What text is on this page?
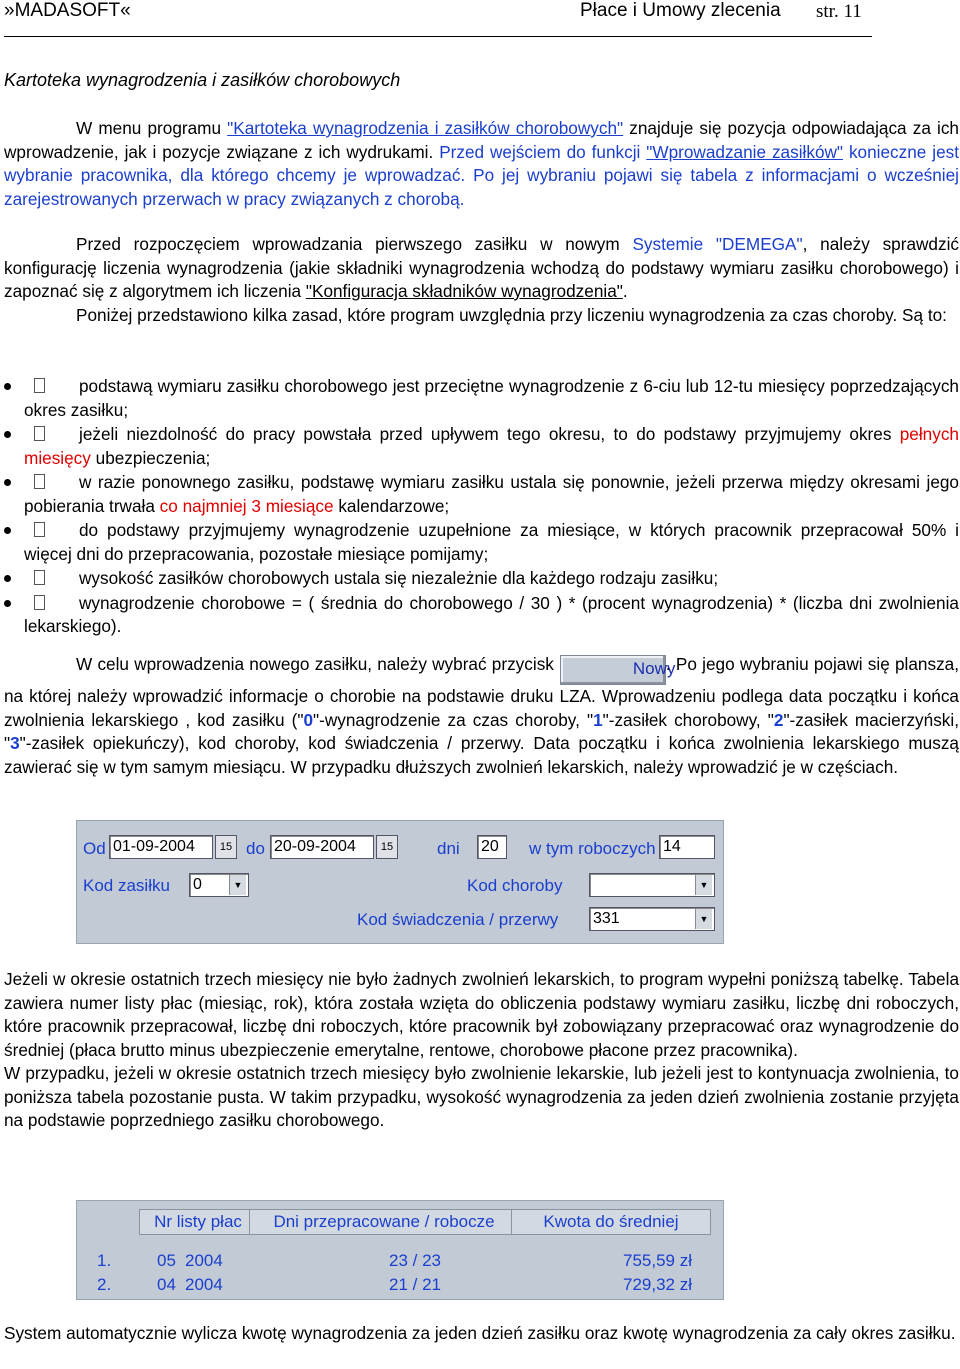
»MADASOFT«	Płace i Umowy zlecenia str. 11
Kartoteka wynagrodzenia i zasiłków chorobowych

W menu programu "Kartoteka wynagrodzenia i zasiłków chorobowych" znajduje się pozycja odpowiadająca za ich wprowadzenie, jak i pozycje związane z ich wydrukami. Przed wejściem do funkcji "Wprowadzanie zasiłków" konieczne jest wybranie pracownika, dla którego chcemy je wprowadzać. Po jej wybraniu pojawi się tabela z informacjami o wcześniej zarejestrowanych przerwach w pracy związanych z chorobą.

Przed rozpoczęciem wprowadzania pierwszego zasiłku w nowym Systemie "DEMEGA", należy sprawdzić konfigurację liczenia wynagrodzenia (jakie składniki wynagrodzenia wchodzą do podstawy wymiaru zasiłku chorobowego) i zapoznać się z algorytmem ich liczenia "Konfiguracja składników wynagrodzenia".

Poniżej przedstawiono kilka zasad, które program uwzględnia przy liczeniu wynagrodzenia za czas choroby. Są to:

podstawą wymiaru zasiłku chorobowego jest przeciętne wynagrodzenie z 6-ciu lub 12-tu miesięcy poprzedzających okres zasiłku;
jeżeli niezdolność do pracy powstała przed upływem tego okresu, to do podstawy przyjmujemy okres pełnych miesięcy ubezpieczenia;
w razie ponownego zasiłku, podstawę wymiaru zasiłku ustala się ponownie, jeżeli przerwa między okresami jego pobierania trwała co najmniej 3 miesiące kalendarzowe;
do podstawy przyjmujemy wynagrodzenie uzupełnione za miesiące, w których pracownik przepracował 50% i więcej dni do przepracowania, pozostałe miesiące pomijamy;
wysokość zasiłków chorobowych ustala się niezależnie dla każdego rodzaju zasiłku;
wynagrodzenie chorobowe = ( średnia do chorobowego / 30 ) * (procent wynagrodzenia) * (liczba dni zwolnienia lekarskiego).

W celu wprowadzenia nowego zasiłku, należy wybrać przycisk	Nowy. Po jego wybraniu pojawi się plansza, na której należy wprowadzić informacje o chorobie na podstawie druku LZA. Wprowadzeniu podlega data początku i końca zwolnienia lekarskiego , kod zasiłku ("0"-wynagrodzenie za czas choroby, "1"-zasiłek chorobowy, "2"-zasiłek macierzyński, "3"-zasiłek opiekuńczy), kod choroby, kod świadczenia / przerwy. Data początku i końca zwolnienia lekarskiego muszą zawierać się w tym samym miesiącu. W przypadku dłuższych zwolnień lekarskich, należy wprowadzić je w częściach.

Od 01-09-2004	15 do 20-09-2004	15	dni 20	w tym roboczych 14
Kod zasiłku 0	▼	Kod choroby	▼
Kod świadczenia / przerwy 331	▼

Jeżeli w okresie ostatnich trzech miesięcy nie było żadnych zwolnień lekarskich, to program wypełni poniższą tabelkę. Tabela zawiera numer listy płac (miesiąc, rok), która została wzięta do obliczenia podstawy wymiaru zasiłku, liczbę dni roboczych, które pracownik przepracował, liczbę dni roboczych, które pracownik był zobowiązany przepracować oraz wynagrodzenie do średniej (płaca brutto minus ubezpieczenie emerytalne, rentowe, chorobowe płacone przez pracownika).

W przypadku, jeżeli w okresie ostatnich trzech miesięcy było zwolnienie lekarskie, lub jeżeli jest to kontynuacja zwolnienia, to poniższa tabela pozostanie pusta. W takim przypadku, wysokość wynagrodzenia za jeden dzień zwolnienia zostanie przyjęta na podstawie poprzedniego zasiłku chorobowego.

Nr listy płac	Dni przepracowane / robocze	Kwota do średniej
1.	05 2004	23 / 23	755,59 zł
2.	04 2004	21 / 21	729,32 zł

System automatycznie wylicza kwotę wynagrodzenia za jeden dzień zasiłku oraz kwotę wynagrodzenia za cały okres zasiłku.
